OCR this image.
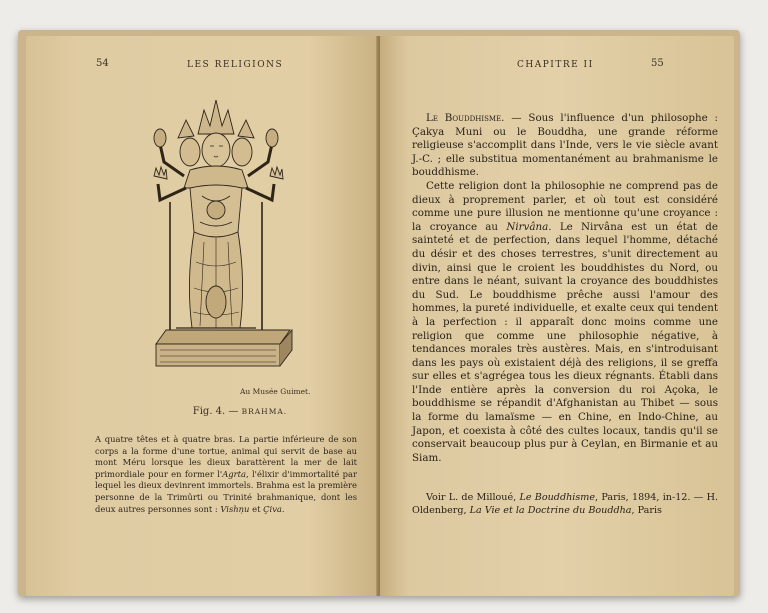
54	LES RELIGIONS
Au Musée Guimet.
Fig. 4. — BRAHMA.
A quatre têtes et à quatre bras. La partie inférieure de son corps a la forme d'une tortue, animal qui servit de base au mont Méru lorsque les dieux barattèrent la mer de lait primordiale pour en former l'Agrta, l'élixir d'immortalité par lequel les dieux devinrent immortels. Brahma est la première personne de la Trimûrti ou Trinité brahmanique, dont les deux autres personnes sont : Vishņu et Çiva.
CHAPITRE II	55

Le Bouddhisme. — Sous l'influence d'un philosophe : Çakya Muni ou le Bouddha, une grande réforme religieuse s'accomplit dans l'Inde, vers le vie siècle avant J.-C. ; elle substitua momentanément au brahmanisme le bouddhisme.

Cette religion dont la philosophie ne comprend pas de dieux à proprement parler, et où tout est considéré comme une pure illusion ne mentionne qu'une croyance : la croyance au Nirvâna. Le Nirvâna est un état de sainteté et de perfection, dans lequel l'homme, détaché du désir et des choses terrestres, s'unit directement au divin, ainsi que le croient les bouddhistes du Nord, ou entre dans le néant, suivant la croyance des bouddhistes du Sud. Le bouddhisme prêche aussi l'amour des hommes, la pureté individuelle, et exalte ceux qui tendent à la perfection : il apparaît donc moins comme une religion que comme une philosophie négative, à tendances morales très austères. Mais, en s'introduisant dans les pays où existaient déjà des religions, il se greffa sur elles et s'agrégea tous les dieux régnants. Établi dans l'Inde entière après la conversion du roi Açoka, le bouddhisme se répandit d'Afghanistan au Thibet — sous la forme du lamaïsme — en Chine, en Indo-Chine, au Japon, et coexista à côté des cultes locaux, tandis qu'il se conservait beaucoup plus pur à Ceylan, en Birmanie et au Siam.

Voir L. de Milloué, Le Bouddhisme, Paris, 1894, in-12. — H. Oldenberg, La Vie et la Doctrine du Bouddha, Paris
